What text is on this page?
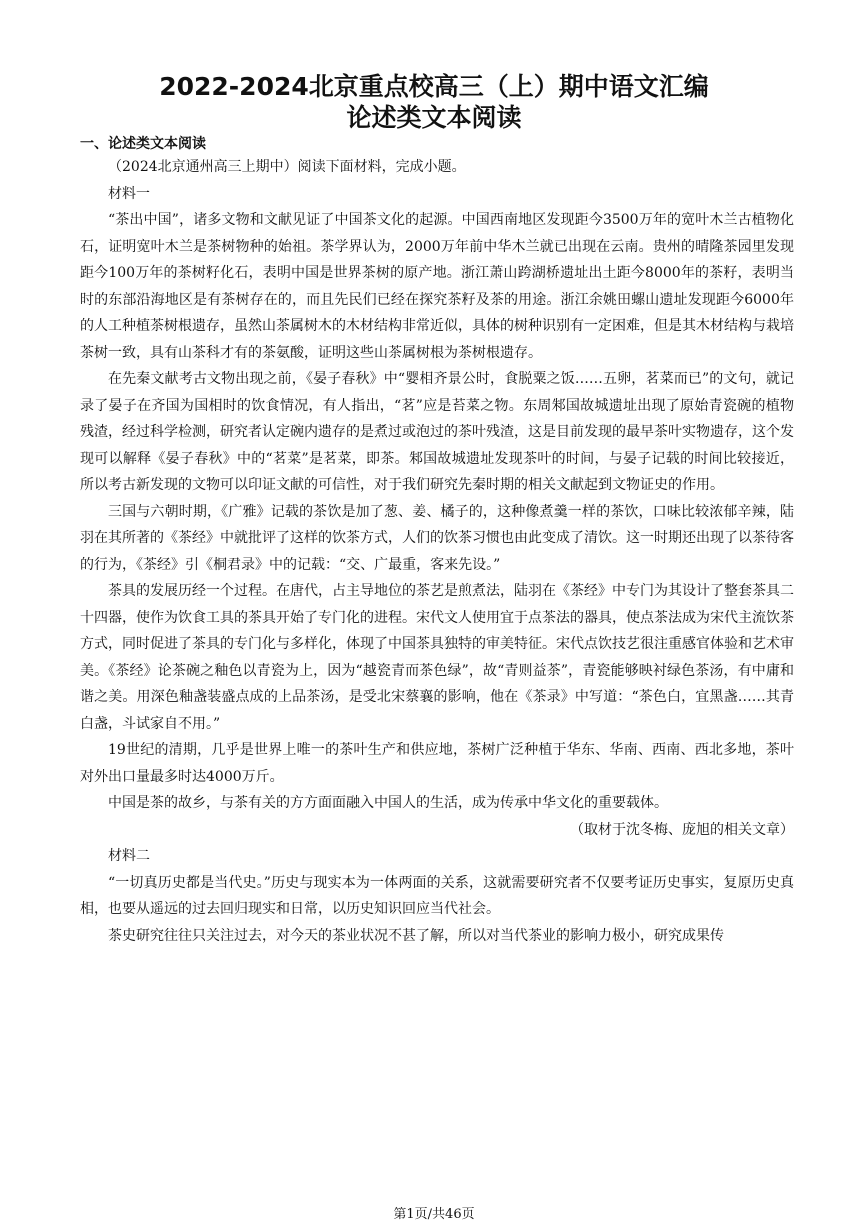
2022-2024北京重点校高三（上）期中语文汇编
论述类文本阅读
一、论述类文本阅读

（2024北京通州高三上期中）阅读下面材料，完成小题。

材料一

“茶出中国”，诸多文物和文献见证了中国茶文化的起源。中国西南地区发现距今3500万年的宽叶木兰古植物化石，证明宽叶木兰是茶树物种的始祖。茶学界认为，2000万年前中华木兰就已出现在云南。贵州的晴隆茶园里发现距今100万年的茶树籽化石，表明中国是世界茶树的原产地。浙江萧山跨湖桥遗址出土距今8000年的茶籽，表明当时的东部沿海地区是有茶树存在的，而且先民们已经在探究茶籽及茶的用途。浙江余姚田螺山遗址发现距今6000年的人工种植茶树根遗存，虽然山茶属树木的木材结构非常近似，具体的树种识别有一定困难，但是其木材结构与栽培茶树一致，具有山茶科才有的茶氨酸，证明这些山茶属树根为茶树根遗存。

在先秦文献考古文物出现之前，《晏子春秋》中“婴相齐景公时，食脱粟之饭……五卵，茗菜而已”的文句，就记录了晏子在齐国为国相时的饮食情况，有人指出，“茗”应是苔菜之物。东周邾国故城遗址出现了原始青瓷碗的植物残渣，经过科学检测，研究者认定碗内遗存的是煮过或泡过的茶叶残渣，这是目前发现的最早茶叶实物遗存，这个发现可以解释《晏子春秋》中的“茗菜”是茗菜，即茶。邾国故城遗址发现茶叶的时间，与晏子记载的时间比较接近，所以考古新发现的文物可以印证文献的可信性，对于我们研究先秦时期的相关文献起到文物证史的作用。

三国与六朝时期，《广雅》记载的茶饮是加了葱、姜、橘子的，这种像煮羹一样的茶饮，口味比较浓郁辛辣，陆羽在其所著的《茶经》中就批评了这样的饮茶方式，人们的饮茶习惯也由此变成了清饮。这一时期还出现了以茶待客的行为，《茶经》引《桐君录》中的记载：“交、广最重，客来先设。”

茶具的发展历经一个过程。在唐代，占主导地位的茶艺是煎煮法，陆羽在《茶经》中专门为其设计了整套茶具二十四器，使作为饮食工具的茶具开始了专门化的进程。宋代文人使用宜于点茶法的器具，使点茶法成为宋代主流饮茶方式，同时促进了茶具的专门化与多样化，体现了中国茶具独特的审美特征。宋代点饮技艺很注重感官体验和艺术审美。《茶经》论茶碗之釉色以青瓷为上，因为“越瓷青而茶色绿”，故“青则益茶”，青瓷能够映衬绿色茶汤，有中庸和谐之美。用深色釉盏装盛点成的上品茶汤，是受北宋蔡襄的影响，他在《茶录》中写道：“茶色白，宜黑盏……其青白盏，斗试家自不用。”

19世纪的清期，几乎是世界上唯一的茶叶生产和供应地，茶树广泛种植于华东、华南、西南、西北多地，茶叶对外出口量最多时达4000万斤。

中国是茶的故乡，与茶有关的方方面面融入中国人的生活，成为传承中华文化的重要载体。

（取材于沈冬梅、庞旭的相关文章）

材料二

“一切真历史都是当代史。”历史与现实本为一体两面的关系，这就需要研究者不仅要考证历史事实，复原历史真相，也要从遥远的过去回归现实和日常，以历史知识回应当代社会。

茶史研究往往只关注过去，对今天的茶业状况不甚了解，所以对当代茶业的影响力极小，研究成果传

第1页/共46页
